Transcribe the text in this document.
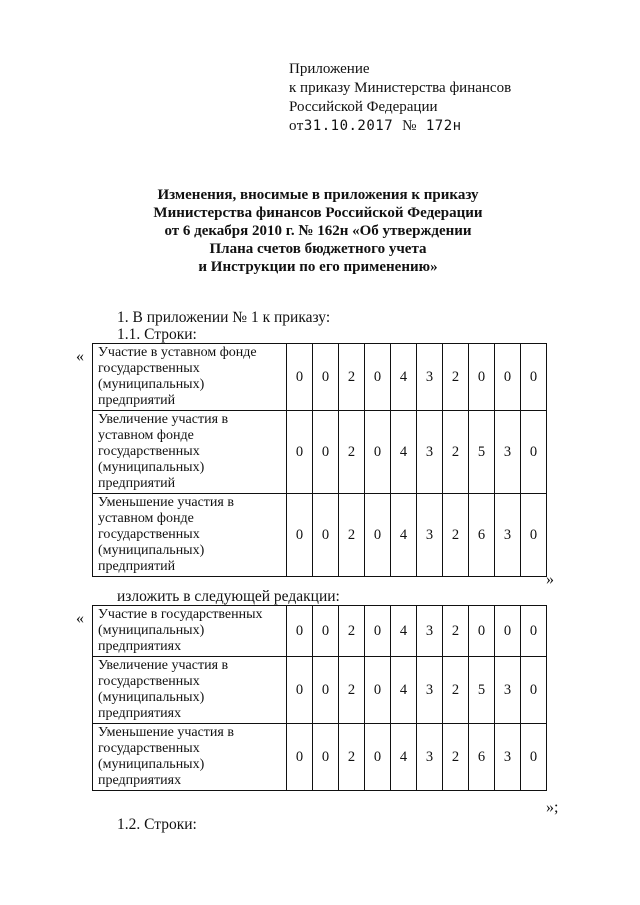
Приложение
к приказу Министерства финансов
Российской Федерации
от31.10.2017 № 172н
Изменения, вносимые в приложения к приказу
Министерства финансов Российской Федерации
от 6 декабря 2010 г. № 162н «Об утверждении
Плана счетов бюджетного учета
и Инструкции по его применению»
1. В приложении № 1 к приказу:
1.1. Строки:
« Участие в уставном фонде государственных (муниципальных) предприятий	0	0	2	0	4	3	2	0	0	0
Увеличение участия в уставном фонде государственных (муниципальных) предприятий	0	0	2	0	4	3	2	5	3	0
Уменьшение участия в уставном фонде государственных (муниципальных) предприятий	0	0	2	0	4	3	2	6	3	0
»
изложить в следующей редакции:
« Участие в государственных (муниципальных) предприятиях	0	0	2	0	4	3	2	0	0	0
Увеличение участия в государственных (муниципальных) предприятиях	0	0	2	0	4	3	2	5	3	0
Уменьшение участия в государственных (муниципальных) предприятиях	0	0	2	0	4	3	2	6	3	0
»;
1.2. Строки:
